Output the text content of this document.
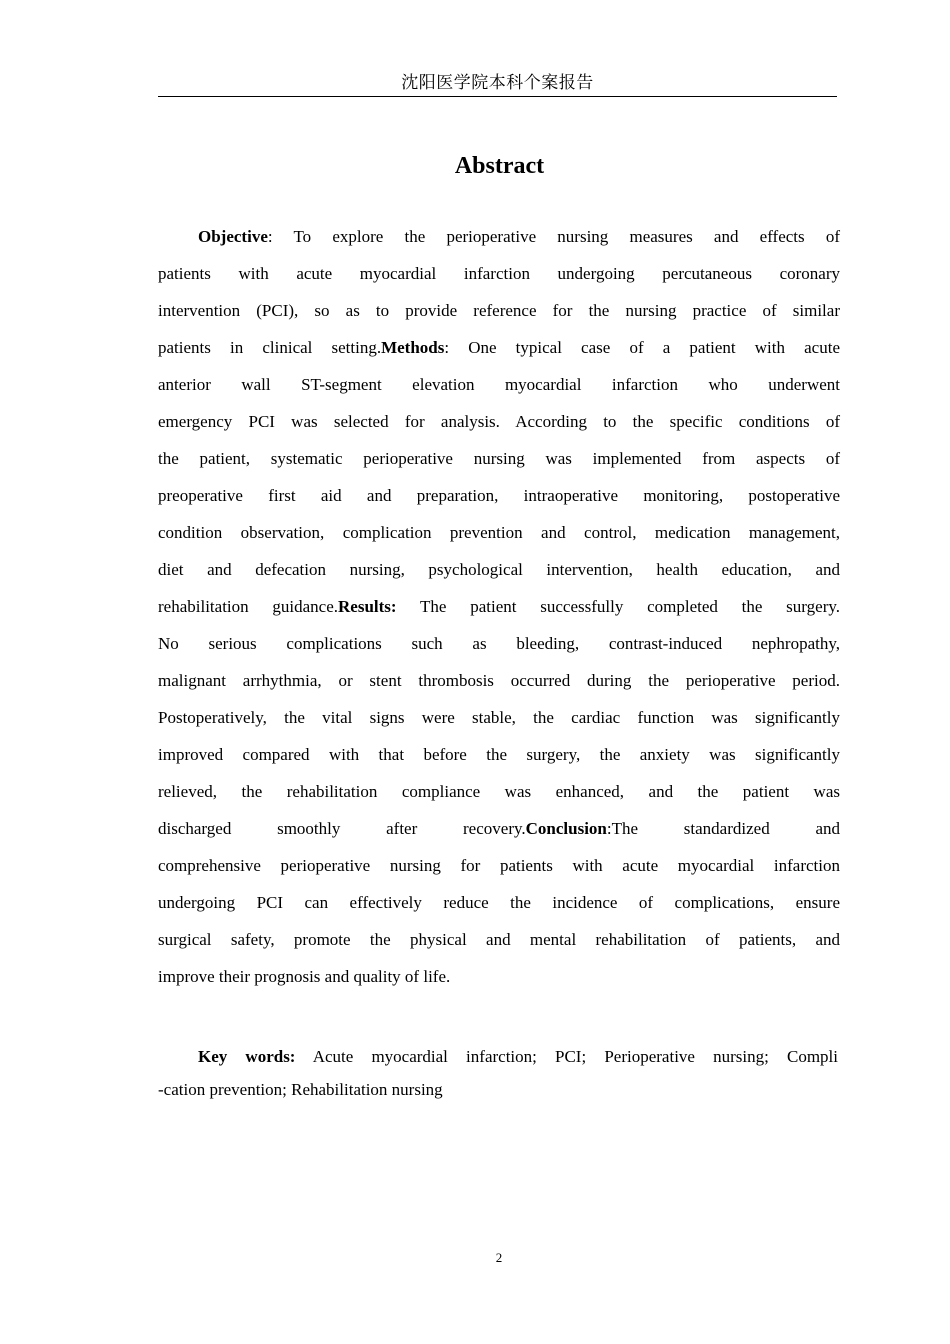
沈阳医学院本科个案报告
Abstract
Objective: To explore the perioperative nursing measures and effects of
patients with acute myocardial infarction undergoing percutaneous coronary
intervention (PCI), so as to provide reference for the nursing practice of similar
patients in clinical setting.Methods: One typical case of a patient with acute
anterior wall ST-segment elevation myocardial infarction who underwent
emergency PCI was selected for analysis. According to the specific conditions of
the patient, systematic perioperative nursing was implemented from aspects of
preoperative first aid and preparation, intraoperative monitoring, postoperative
condition observation, complication prevention and control, medication management,
diet and defecation nursing, psychological intervention, health education, and
rehabilitation guidance.Results: The patient successfully completed the surgery.
No serious complications such as bleeding, contrast-induced nephropathy,
malignant arrhythmia, or stent thrombosis occurred during the perioperative period.
Postoperatively, the vital signs were stable, the cardiac function was significantly
improved compared with that before the surgery, the anxiety was significantly
relieved, the rehabilitation compliance was enhanced, and the patient was
discharged smoothly after recovery.Conclusion:The standardized and
comprehensive perioperative nursing for patients with acute myocardial infarction
undergoing PCI can effectively reduce the incidence of complications, ensure
surgical safety, promote the physical and mental rehabilitation of patients, and
improve their prognosis and quality of life.
Key words: Acute myocardial infarction; PCI; Perioperative nursing; Compli
-cation prevention; Rehabilitation nursing
2
